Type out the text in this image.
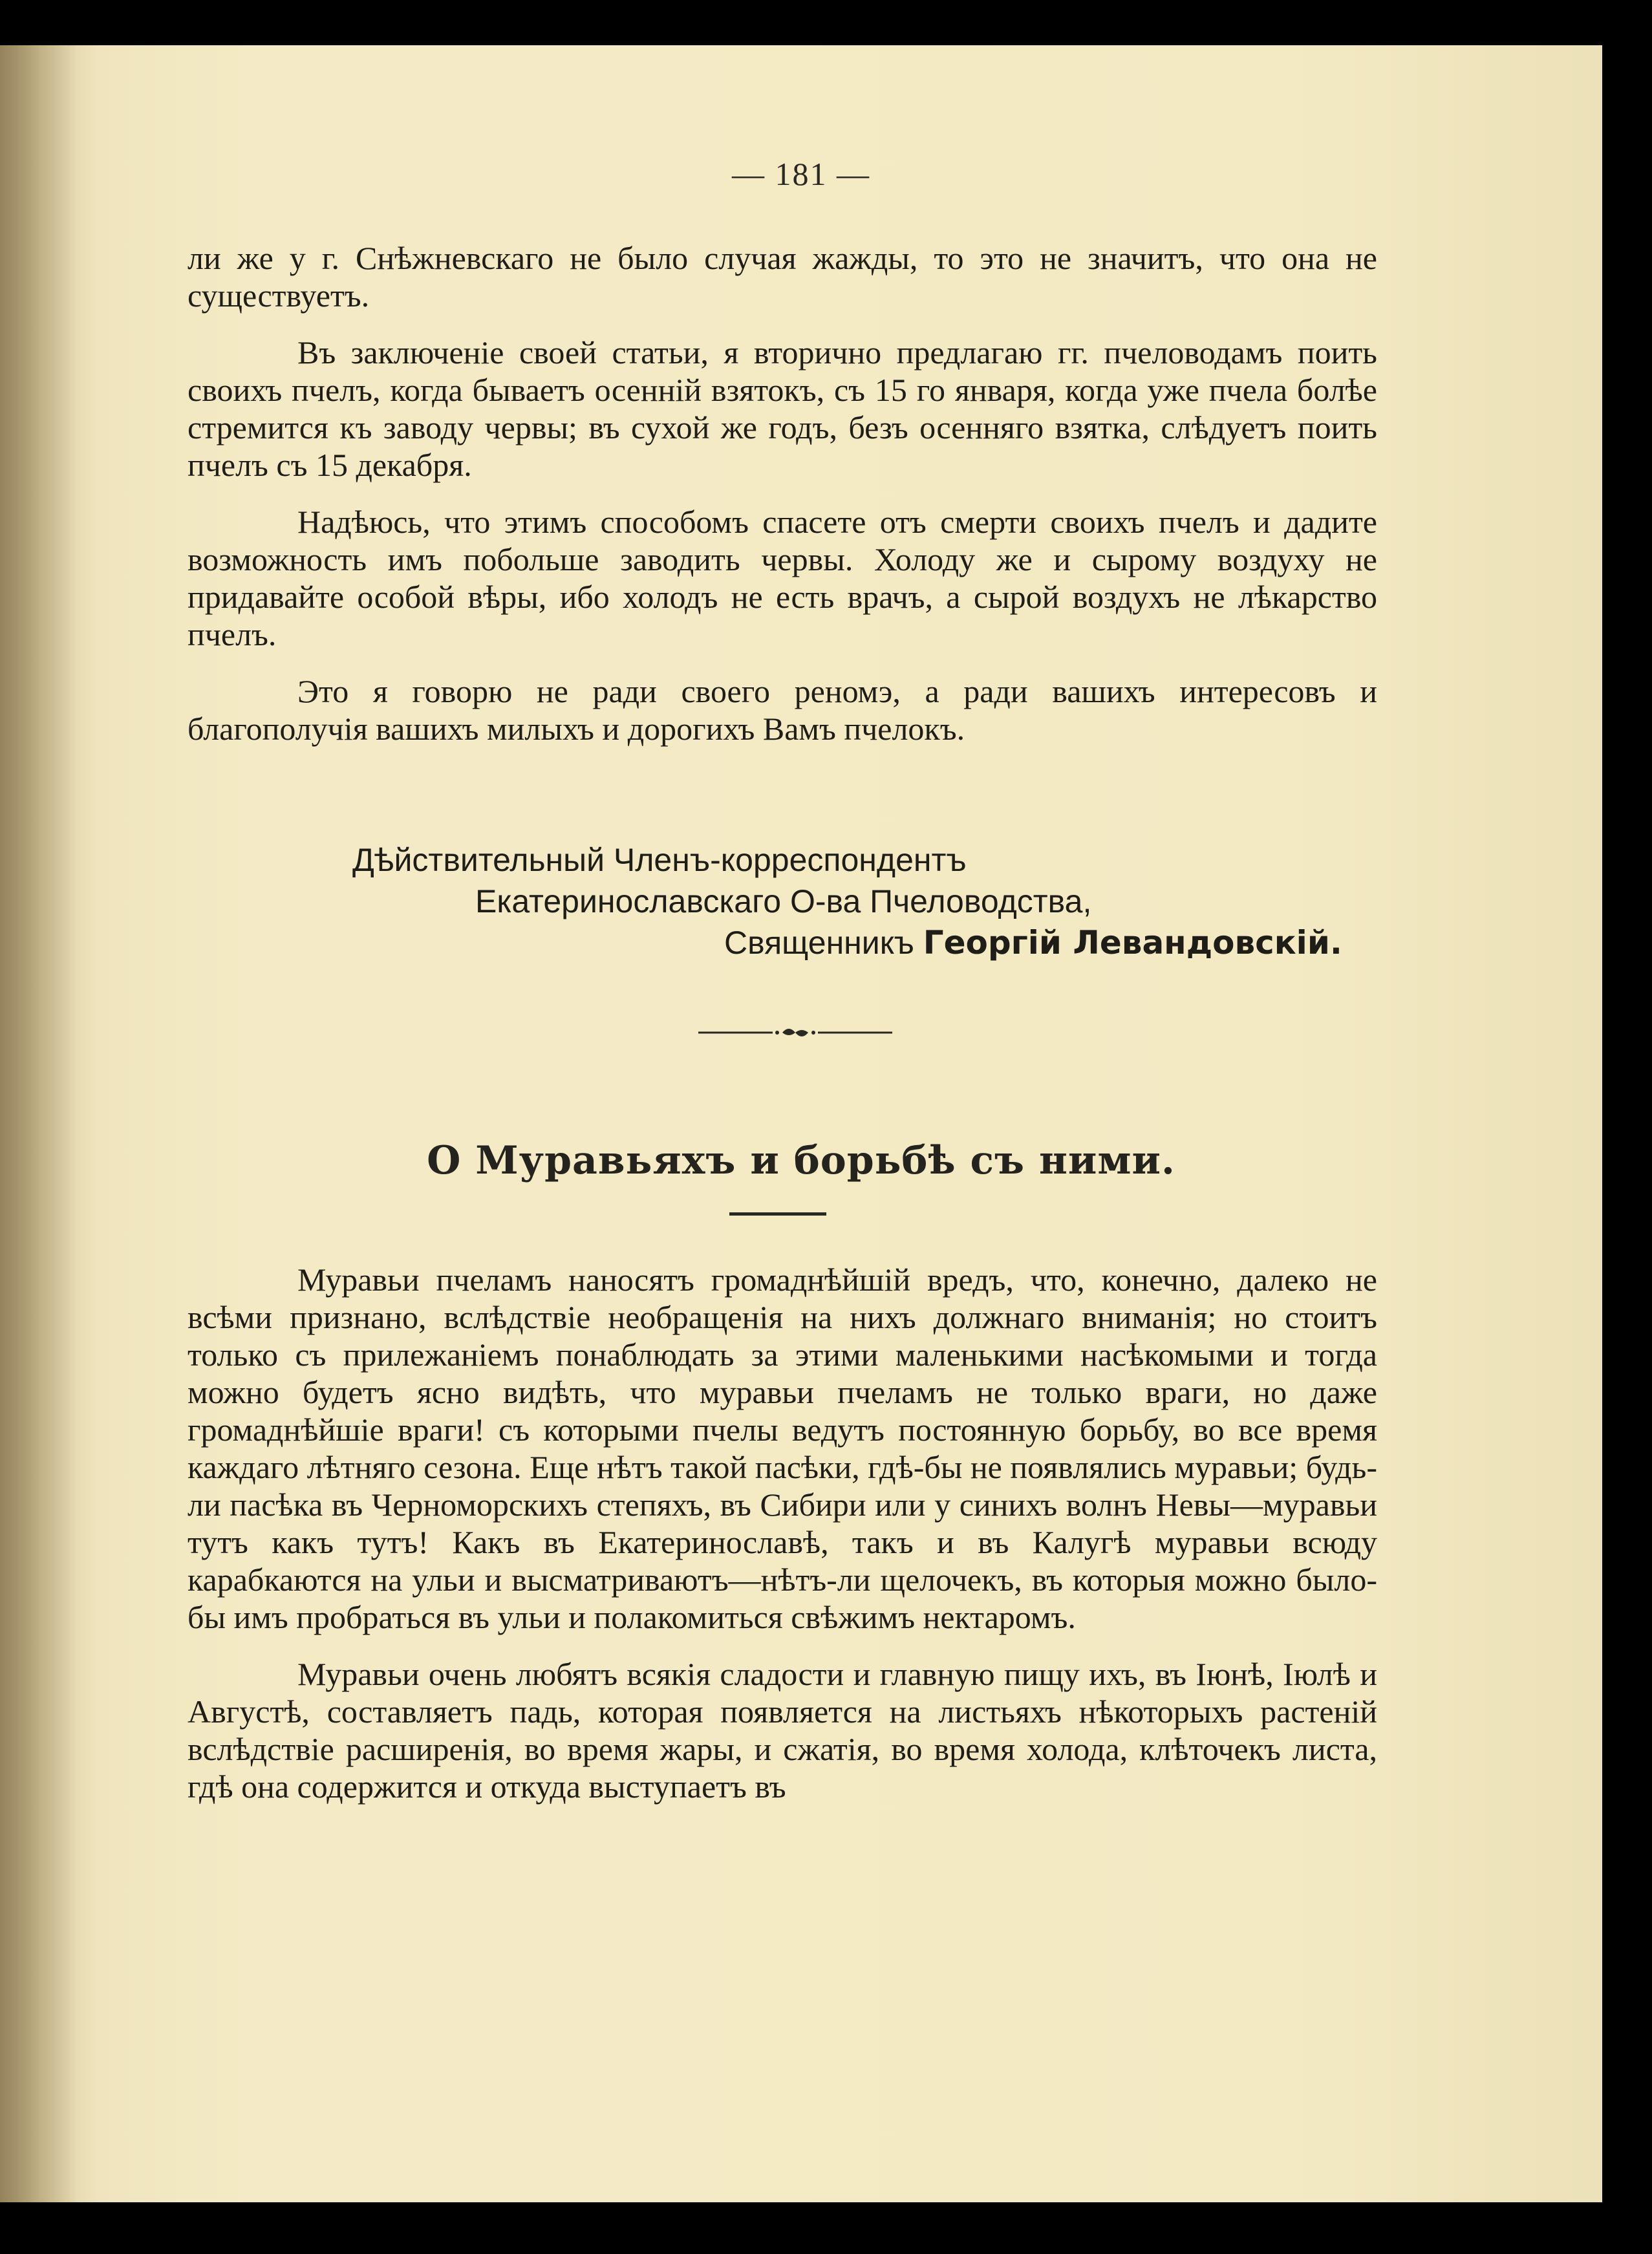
— 181 —

ли же у г. Снѣжневскаго не было случая жажды, то это не значитъ, что она не существуетъ.

Въ заключеніе своей статьи, я вторично предлагаю гг. пчеловодамъ поить своихъ пчелъ, когда бываетъ осенній взятокъ, съ 15 го января, когда уже пчела болѣе стремится къ заводу червы; въ сухой же годъ, безъ осенняго взятка, слѣдуетъ поить пчелъ съ 15 декабря.

Надѣюсь, что этимъ способомъ спасете отъ смерти своихъ пчелъ и дадите возможность имъ побольше заводить червы. Холоду же и сырому воздуху не придавайте особой вѣры, ибо холодъ не есть врачъ, а сырой воздухъ не лѣкарство пчелъ.

Это я говорю не ради своего реномэ, а ради вашихъ интересовъ и благополучія вашихъ милыхъ и дорогихъ Вамъ пчелокъ.

Дѣйствительный Членъ-корреспондентъ
Екатеринославскаго О-ва Пчеловодства,
Священникъ Георгій Левандовскій.
О Муравьяхъ и борьбѣ съ ними.

Муравьи пчеламъ наносятъ громаднѣйшій вредъ, что, конечно, далеко не всѣми признано, вслѣдствіе необращенія на нихъ должнаго вниманія; но стоитъ только съ прилежаніемъ понаблюдать за этими маленькими насѣкомыми и тогда можно будетъ ясно видѣть, что муравьи пчеламъ не только враги, но даже громаднѣйшіе враги! съ которыми пчелы ведутъ постоянную борьбу, во все время каждаго лѣтняго сезона. Еще нѣтъ такой пасѣки, гдѣ-бы не появлялись муравьи; будь-ли пасѣка въ Черноморскихъ степяхъ, въ Сибири или у синихъ волнъ Невы—муравьи тутъ какъ тутъ! Какъ въ Екатеринославѣ, такъ и въ Калугѣ муравьи всюду карабкаются на ульи и высматриваютъ—нѣтъ-ли щелочекъ, въ которыя можно было-бы имъ пробраться въ ульи и полакомиться свѣжимъ нектаромъ.

Муравьи очень любятъ всякія сладости и главную пищу ихъ, въ Іюнѣ, Іюлѣ и Августѣ, составляетъ падь, которая появляется на листьяхъ нѣкоторыхъ растеній вслѣдствіе расширенія, во время жары, и сжатія, во время холода, клѣточекъ листа, гдѣ она содержится и откуда выступаетъ въ
